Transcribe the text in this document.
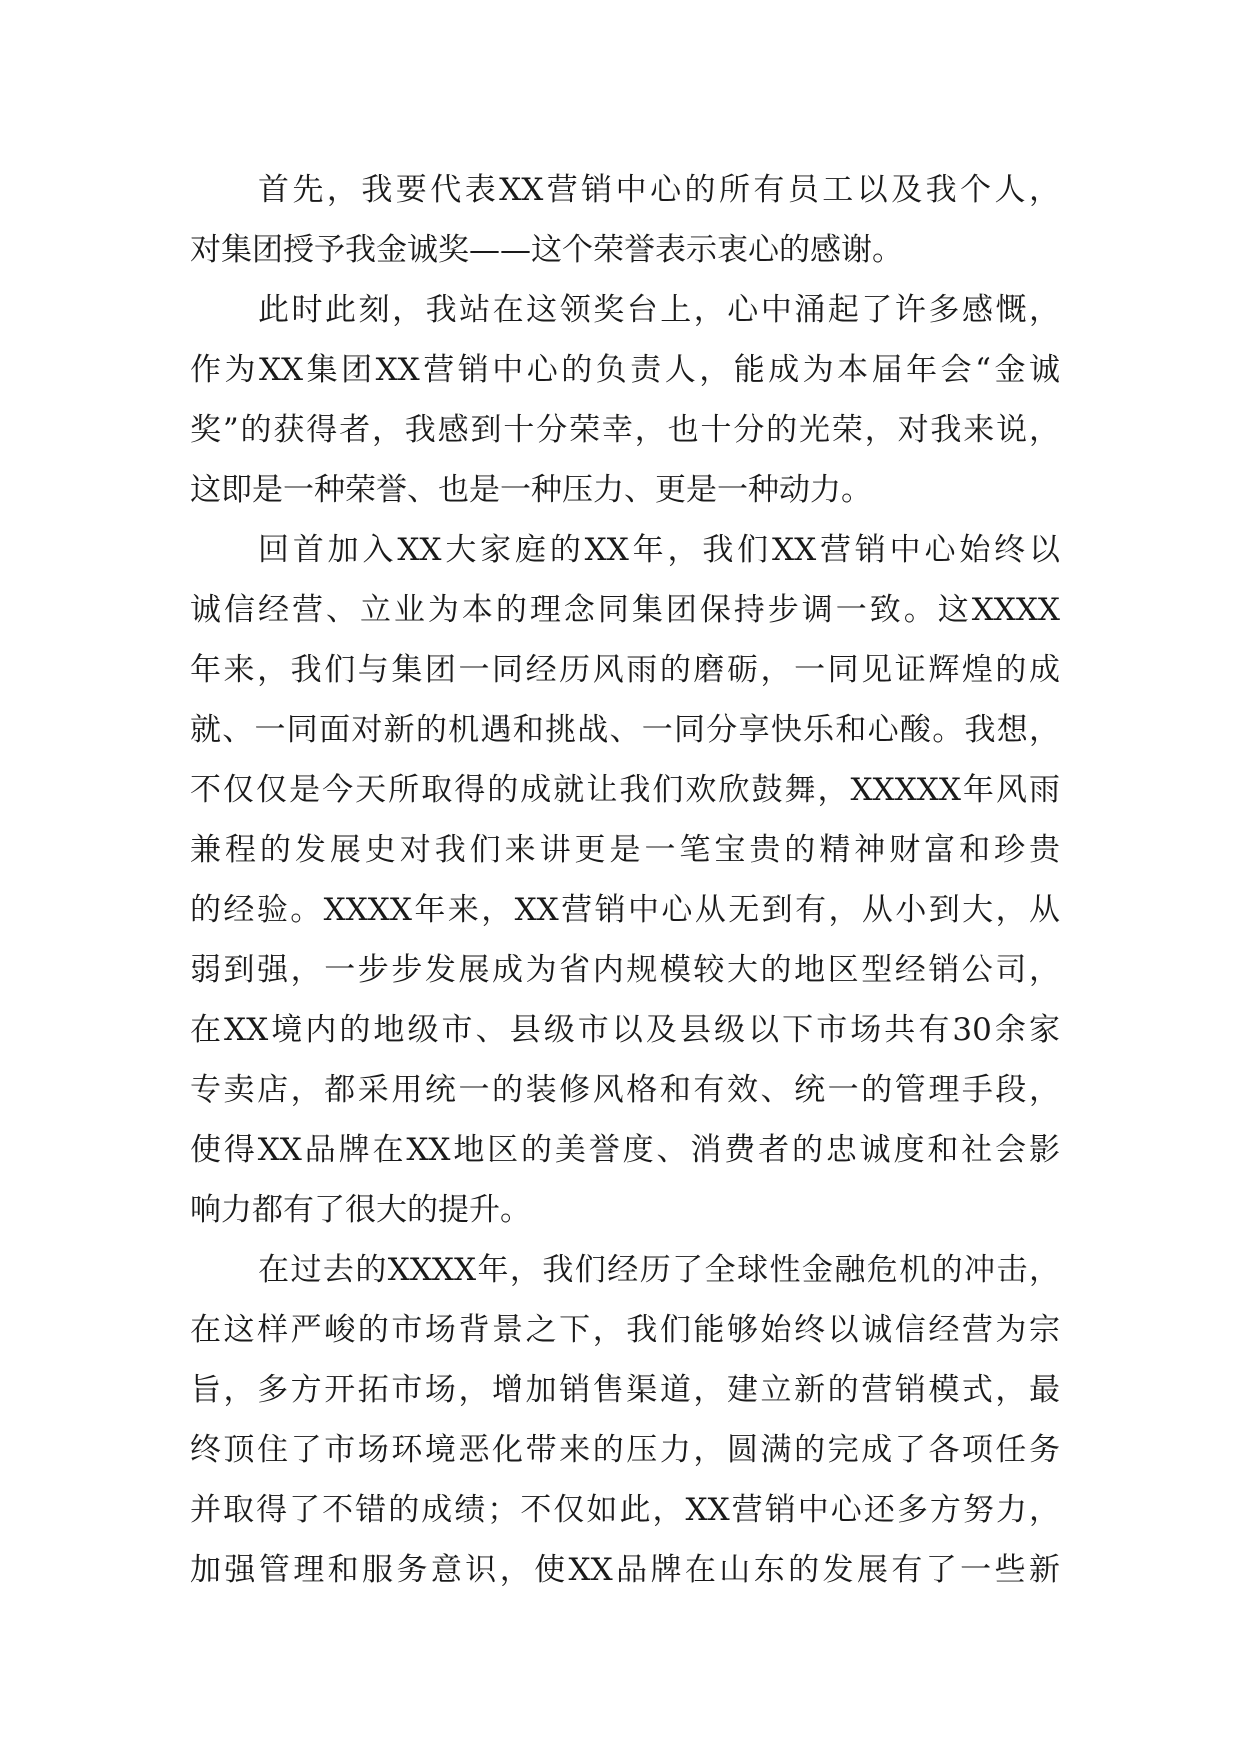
首先，我要代表XX营销中心的所有员工以及我个人，
对集团授予我金诚奖——这个荣誉表示衷心的感谢。
此时此刻，我站在这领奖台上，心中涌起了许多感慨，
作为XX集团XX营销中心的负责人，能成为本届年会“金诚
奖”的获得者，我感到十分荣幸，也十分的光荣，对我来说，
这即是一种荣誉、也是一种压力、更是一种动力。
回首加入XX大家庭的XX年，我们XX营销中心始终以
诚信经营、立业为本的理念同集团保持步调一致。这XXXX
年来，我们与集团一同经历风雨的磨砺，一同见证辉煌的成
就、一同面对新的机遇和挑战、一同分享快乐和心酸。我想，
不仅仅是今天所取得的成就让我们欢欣鼓舞，XXXXX年风雨
兼程的发展史对我们来讲更是一笔宝贵的精神财富和珍贵
的经验。XXXX年来，XX营销中心从无到有，从小到大，从
弱到强，一步步发展成为省内规模较大的地区型经销公司，
在XX境内的地级市、县级市以及县级以下市场共有30余家
专卖店，都采用统一的装修风格和有效、统一的管理手段，
使得XX品牌在XX地区的美誉度、消费者的忠诚度和社会影
响力都有了很大的提升。
在过去的XXXX年，我们经历了全球性金融危机的冲击，
在这样严峻的市场背景之下，我们能够始终以诚信经营为宗
旨，多方开拓市场，增加销售渠道，建立新的营销模式，最
终顶住了市场环境恶化带来的压力，圆满的完成了各项任务
并取得了不错的成绩；不仅如此，XX营销中心还多方努力，
加强管理和服务意识，使XX品牌在山东的发展有了一些新
